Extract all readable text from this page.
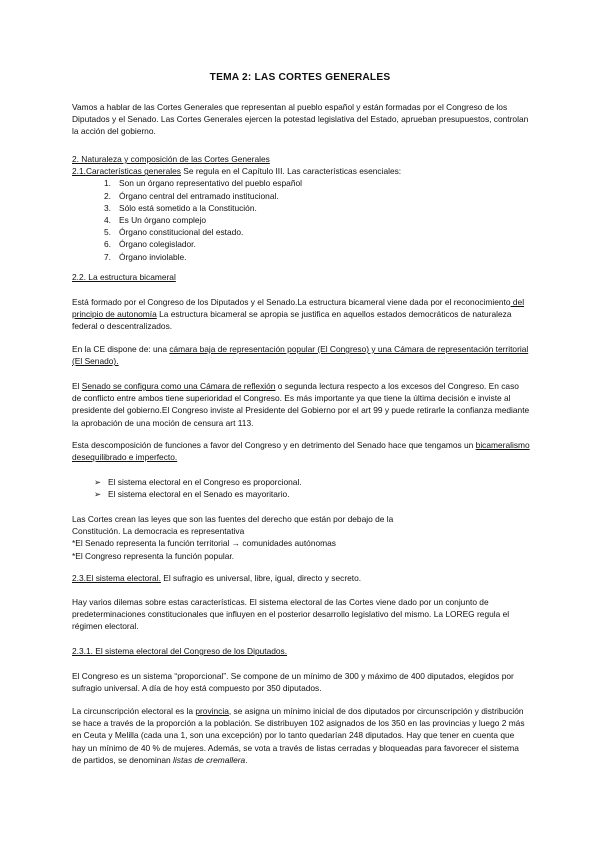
TEMA 2: LAS CORTES GENERALES

Vamos a hablar de las Cortes Generales que representan al pueblo español y están formadas por el Congreso de los Diputados y el Senado. Las Cortes Generales ejercen la potestad legislativa del Estado, aprueban presupuestos, controlan la acción del gobierno.

2. Naturaleza y composición de las Cortes Generales

2.1.Características generales Se regula en el Capítulo III. Las características esenciales:

1. Son un órgano representativo del pueblo español
2. Órgano central del entramado institucional.
3. Sólo está sometido a la Constitución.
4. Es Un órgano complejo
5. Órgano constitucional del estado.
6. Órgano colegislador.
7. Órgano inviolable.

2.2. La estructura bicameral

Está formado por el Congreso de los Diputados y el Senado.La estructura bicameral viene dada por el reconocimiento del principio de autonomía La estructura bicameral se apropia se justifica en aquellos estados democráticos de naturaleza federal o descentralizados.

En la CE dispone de: una cámara baja de representación popular (El Congreso) y una Cámara de representación territorial (El Senado).

El Senado se configura como una Cámara de reflexión o segunda lectura respecto a los excesos del Congreso. En caso de conflicto entre ambos tiene superioridad el Congreso. Es más importante ya que tiene la última decisión e inviste al presidente del gobierno.El Congreso inviste al Presidente del Gobierno por el art 99 y puede retirarle la confianza mediante la aprobación de una moción de censura art 113.

Esta descomposición de funciones a favor del Congreso y en detrimento del Senado hace que tengamos un bicameralismo desequilibrado e imperfecto.

➢ El sistema electoral en el Congreso es proporcional.
➢ El sistema electoral en el Senado es mayoritario.

Las Cortes crean las leyes que son las fuentes del derecho que están por debajo de la

Constitución. La democracia es representativa

*El Senado representa la función territorial → comunidades autónomas

*El Congreso representa la función popular.

2.3.El sistema electoral. El sufragio es universal, libre, igual, directo y secreto.

Hay varios dilemas sobre estas características. El sistema electoral de las Cortes viene dado por un conjunto de predeterminaciones constitucionales que influyen en el posterior desarrollo legislativo del mismo. La LOREG regula el régimen electoral.

2.3.1. El sistema electoral del Congreso de los Diputados.

El Congreso es un sistema “proporcional”. Se compone de un mínimo de 300 y máximo de 400 diputados, elegidos por sufragio universal. A día de hoy está compuesto por 350 diputados.

La circunscripción electoral es la provincia, se asigna un mínimo inicial de dos diputados por circunscripción y distribución se hace a través de la proporción a la población. Se distribuyen 102 asignados de los 350 en las provincias y luego 2 más en Ceuta y Melilla (cada una 1, son una excepción) por lo tanto quedarían 248 diputados. Hay que tener en cuenta que hay un mínimo de 40 % de mujeres. Además, se vota a través de listas cerradas y bloqueadas para favorecer el sistema de partidos, se denominan listas de cremallera.
